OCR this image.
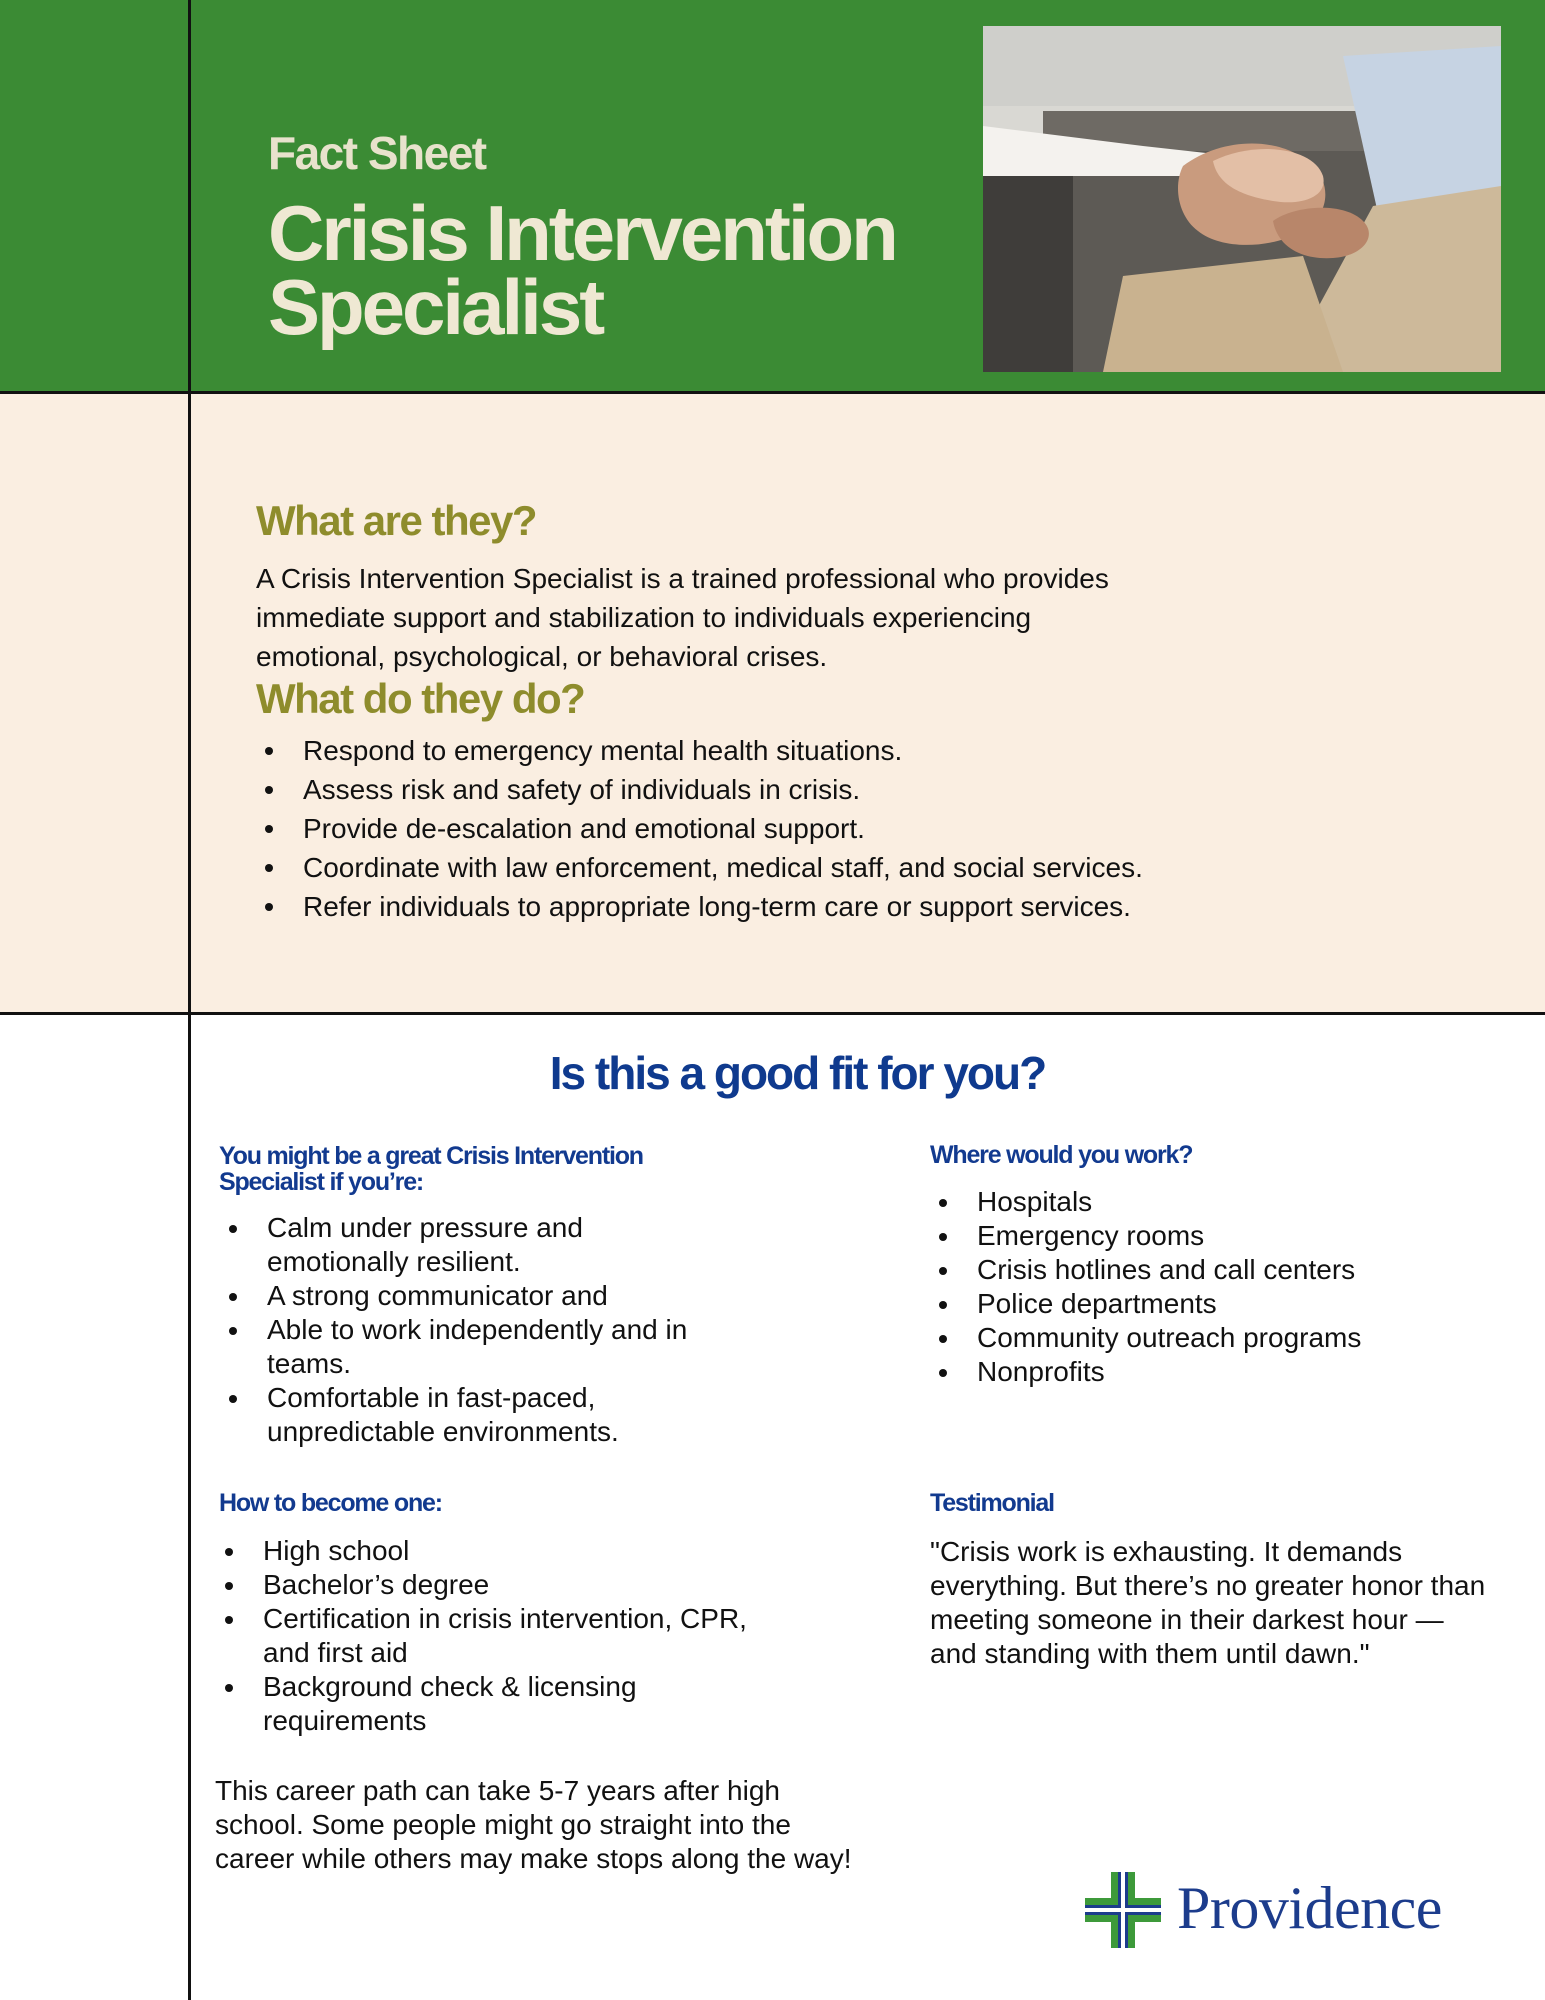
Fact Sheet
Crisis Intervention Specialist
What are they?
A Crisis Intervention Specialist is a trained professional who provides
immediate support and stabilization to individuals experiencing
emotional, psychological, or behavioral crises.
What do they do?
Respond to emergency mental health situations.
Assess risk and safety of individuals in crisis.
Provide de-escalation and emotional support.
Coordinate with law enforcement, medical staff, and social services.
Refer individuals to appropriate long-term care or support services.
Is this a good fit for you?
You might be a great Crisis Intervention Specialist if you’re:
Calm under pressure and emotionally resilient.
A strong communicator and
Able to work independently and in teams.
Comfortable in fast-paced, unpredictable environments.
Where would you work?
Hospitals
Emergency rooms
Crisis hotlines and call centers
Police departments
Community outreach programs
Nonprofits
How to become one:
High school
Bachelor’s degree
Certification in crisis intervention, CPR, and first aid
Background check & licensing requirements
This career path can take 5-7 years after high school. Some people might go straight into the career while others may make stops along the way!
Testimonial
"Crisis work is exhausting. It demands everything. But there’s no greater honor than meeting someone in their darkest hour — and standing with them until dawn."
Providence
